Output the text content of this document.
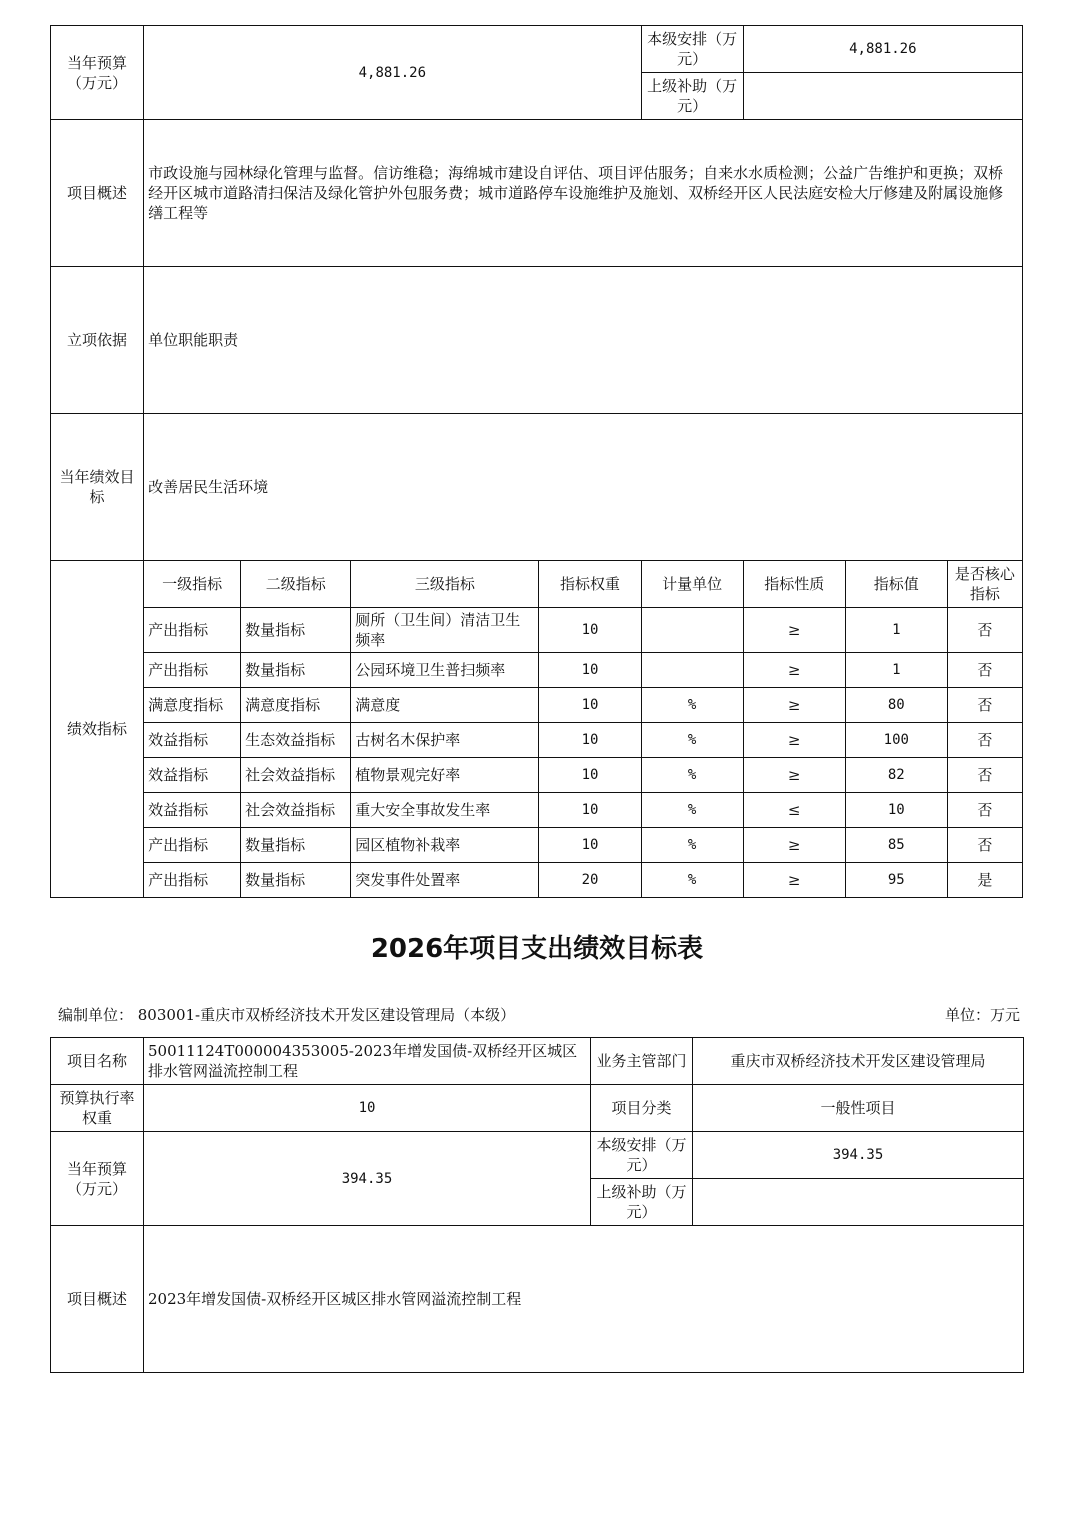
当年预算（万元）	4,881.26				本级安排（万元）	4,881.26		
					上级补助（万元）			
项目概述	市政设施与园林绿化管理与监督。信访维稳；海绵城市建设自评估、项目评估服务；自来水水质检测；公益广告维护和更换；双桥经开区城市道路清扫保洁及绿化管护外包服务费；城市道路停车设施维护及施划、双桥经开区人民法庭安检大厅修建及附属设施修缮工程等							
立项依据	单位职能职责							
当年绩效目标	改善居民生活环境							
绩效指标	一级指标	二级指标	三级指标	指标权重	计量单位	指标性质	指标值	是否核心指标
	产出指标	数量指标	厕所（卫生间）清洁卫生频率	10		≥	1	否
	产出指标	数量指标	公园环境卫生普扫频率	10		≥	1	否
	满意度指标	满意度指标	满意度	10	%	≥	80	否
	效益指标	生态效益指标	古树名木保护率	10	%	≥	100	否
	效益指标	社会效益指标	植物景观完好率	10	%	≥	82	否
	效益指标	社会效益指标	重大安全事故发生率	10	%	≤	10	否
	产出指标	数量指标	园区植物补栽率	10	%	≥	85	否
	产出指标	数量指标	突发事件处置率	20	%	≥	95	是
2026年项目支出绩效目标表
编制单位： 803001-重庆市双桥经济技术开发区建设管理局（本级）	单位：万元
项目名称	50011124T000004353005-2023年增发国债-双桥经开区城区排水管网溢流控制工程	业务主管部门	重庆市双桥经济技术开发区建设管理局
预算执行率权重	10	项目分类	一般性项目
当年预算（万元）	394.35	本级安排（万元）	394.35
		上级补助（万元）	
项目概述	2023年增发国债-双桥经开区城区排水管网溢流控制工程		
